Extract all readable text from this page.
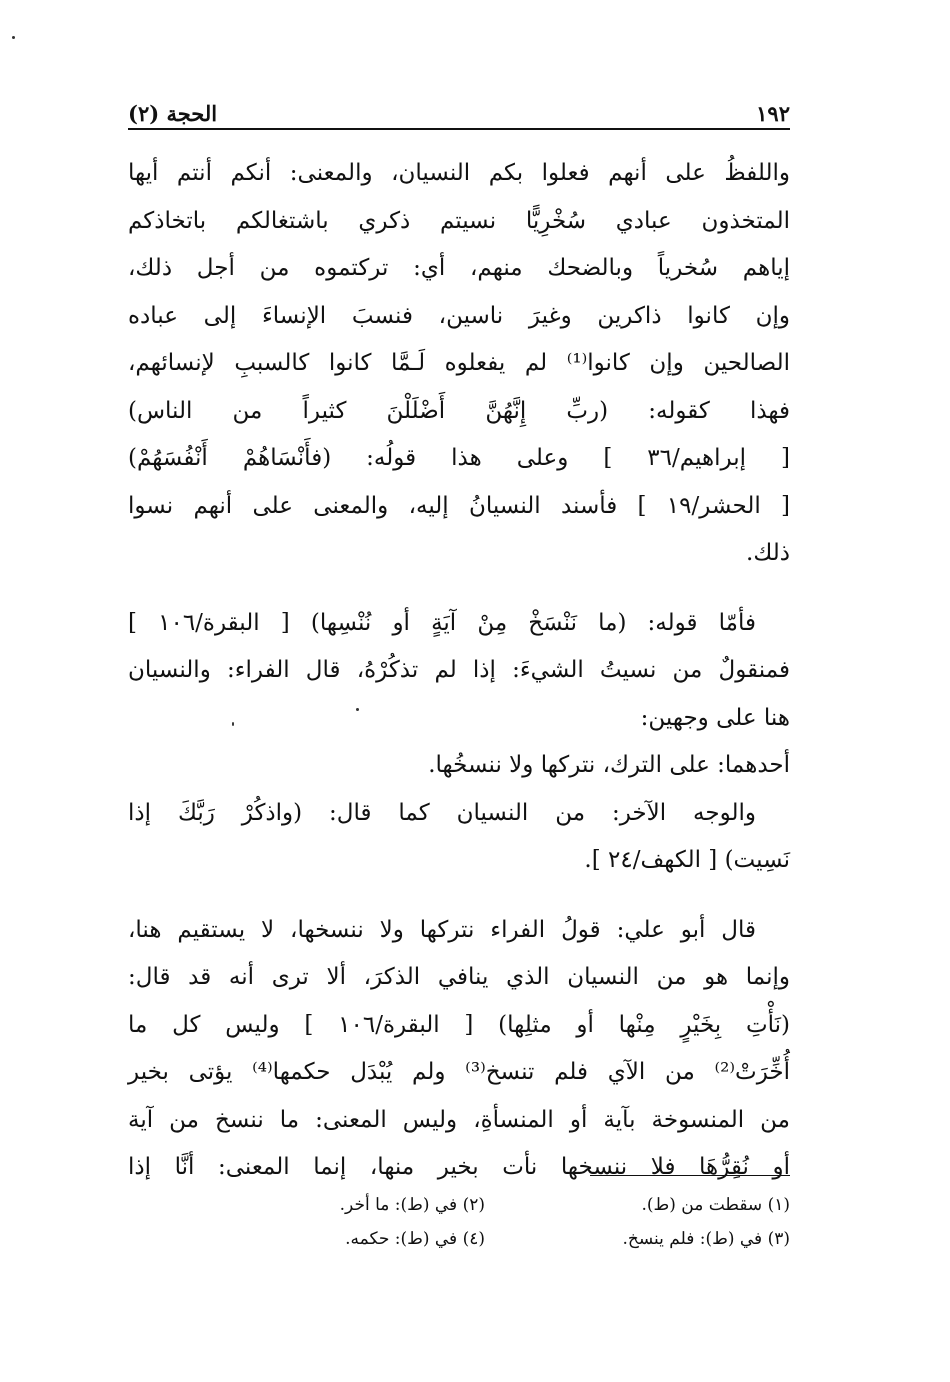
١٩٢
الحجة (٢)

واللفظُ على أنهم فعلوا بكم النسيان، والمعنى: أنكم أنتم أيها
المتخذون عبادي سُخْرِيًّا نسيتم ذكري باشتغالكم باتخاذكم
إياهم سُخرياً وبالضحك منهم، أي: تركتموه من أجل ذلك،
وإن كانوا ذاكرين وغيرَ ناسين، فنسبَ الإنساءَ إلى عباده
الصالحين وإن كانوا⁽¹⁾ لم يفعلوه لَـمَّا كانوا كالسببِ لإنسائهم،
فهذا كقوله: (ربِّ إِنَّهُنَّ أَضْلَلْنَ كثيراً من الناس)
[ إبراهيم/٣٦ ] وعلى هذا قولُه: (فأَنْسَاهُمْ أَنْفُسَهُمْ)
[ الحشر/١٩ ] فأسند النسيانُ إليه، والمعنى على أنهم نسوا
ذلك.

فأمّا قوله: (ما نَنْسَخْ مِنْ آيَةٍ أو نُنْسِها) [ البقرة/١٠٦ ]
فمنقولٌ من نسيتُ الشيءَ: إذا لم تذكُرْهُ، قال الفراء: والنسيان
هنا على وجهين:
أحدهما: على الترك، نتركها ولا ننسخُها.
والوجه الآخر: من النسيان كما قال: (واذكُرْ رَبَّكَ إذا
نَسِيت) [ الكهف/٢٤ ].

قال أبو علي: قولُ الفراء نتركها ولا ننسخها، لا يستقيم هنا،
وإنما هو من النسيان الذي ينافي الذكرَ، ألا ترى أنه قد قال:
(نَأْتِ بِخَيْرٍ مِنْها أو مثلِها) [ البقرة/١٠٦ ] وليس كل ما
أُخِّرَتْ⁽²⁾ من الآي فلم تنسخ⁽³⁾ ولم يُبْدَل حكمها⁽⁴⁾ يؤتى بخير
من المنسوخة بآية أو المنسأةِ، وليس المعنى: ما ننسخ من آية
أو نُقِرُّهَا فلا ننسخها نأت بخير منها، إنما المعنى: أنَّا إذا

(١) سقطت من (ط).
(٢) في (ط): ما أخر.
(٣) في (ط): فلم ينسخ.
(٤) في (ط): حكمه.
